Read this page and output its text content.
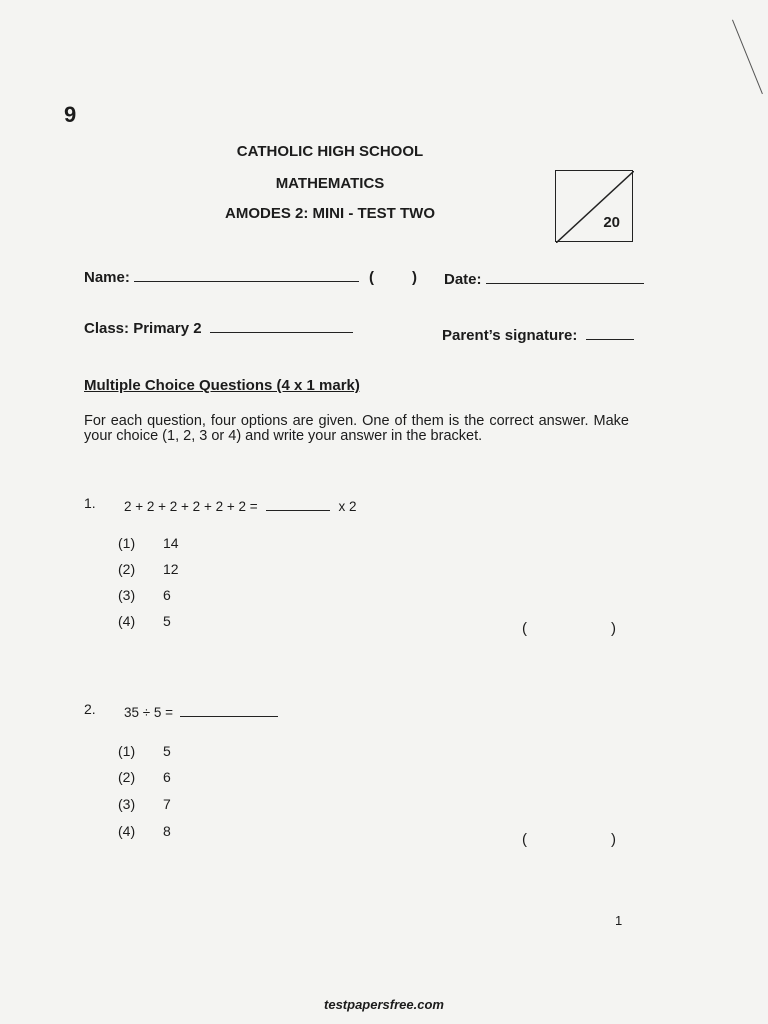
9
CATHOLIC HIGH SCHOOL
MATHEMATICS
AMODES 2: MINI - TEST TWO
20
Name:	(	) Date:
Class: Primary 2	Parent’s signature:
Multiple Choice Questions (4 x 1 mark)
For each question, four options are given. One of them is the correct answer. Make your choice (1, 2, 3 or 4) and write your answer in the bracket.
1. 2 + 2 + 2 + 2 + 2 + 2 =	x 2
(1) 14
(2) 12
(3) 6
(4) 5	(	)
2. 35 ÷ 5 =
(1) 5
(2) 6
(3) 7
(4) 8	(	)
1
testpapersfree.com
